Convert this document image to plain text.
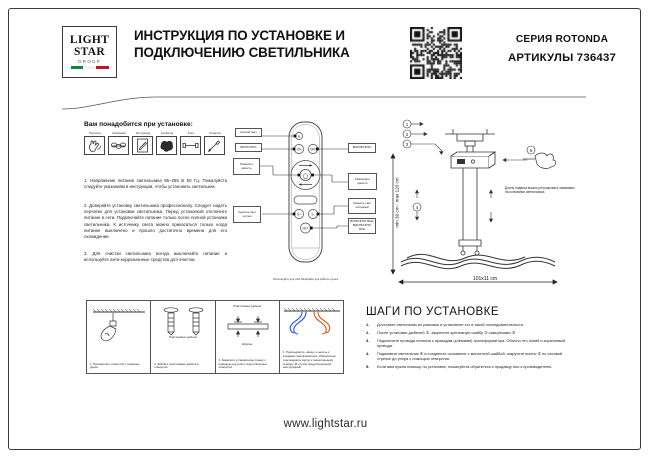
LIGHT
STAR
GROUP
ИНСТРУКЦИЯ ПО УСТАНОВКЕ И ПОДКЛЮЧЕНИЮ СВЕТИЛЬНИКА
СЕРИЯ ROTONDA
АРТИКУЛЫ 736437
Вам понадобится при установке:
Перчатки	Клеммники	Инструкция	Салфетка	Ключ	Отвертка
1. Напряжение питания светильника 85–265 В 50 Гц. Пожалуйста следуйте указаниям в инструкции, чтобы установить светильник.
2. Доверяйте установку светильника профессионалу. Следует надеть перчатки для установки светильника. Перед установкой отключите питание в сети. Подключайте питание только после полной установки светильника. К источнику света можно прикасаться только когда питание выключено и прошло достаточно времени для его охлаждения.
3. Для очистки светильника всегда выключайте питание и используйте анти-коррозионные средства для очистки.
M
ON	OFF
S+	S-
SET
Ночной свет
ВКЛЮЧИТЬ
Повысить яркость
Сделать свет теплее
ВЫКЛЮЧИТЬ
Уменьшить яркость
Сменить свет холодный
ВКЛЮЧИТЬ ВСЕ/ВЫКЛЮЧИТЬ ВСЕ
Используйте для ААА батарейки для работы пульта
1
2
3
4
5
min 30 cm - max 120 cm
101x11 cm
Длину подвеса можно регулировать зажимами на основании светильника
1. Просверлите отверстия с помощью дрели.
Пластиковые дюбеля
2. Забейте пластиковые дюбеля в отверстия.
Пластиковые дюбеля
Шурупы
3. Закрепите установочную планку с помощью шурупов и подготовленных отверстий.
4. Подсоедините «фазу» и «ноль» к клеммам трансформатора. Обязательно подсоедините корпус к заземляющему проводу. (В случае предусмотренной конструкцией)
ШАГИ ПО УСТАНОВКЕ
1.	Достаньте светильник из упаковки и установите его в такой последовательности.
2.	После установки дюбелей ①, закрепите крепежную шайбу ② саморезами ③
3.	Подключите провода питания к проводам (клеммам) трансформатора. Обычно это синий и коричневый провода.
4.	Поднимите светильник ④ и соедините основание с магнитной шайбой, закрутите винты ⑤ по часовой стрелке до упора с помощью отверстия.
5.	Если вам нужна помощь по установке, пожалуйста обратитесь к продавцу или к производителю.
www.lightstar.ru
